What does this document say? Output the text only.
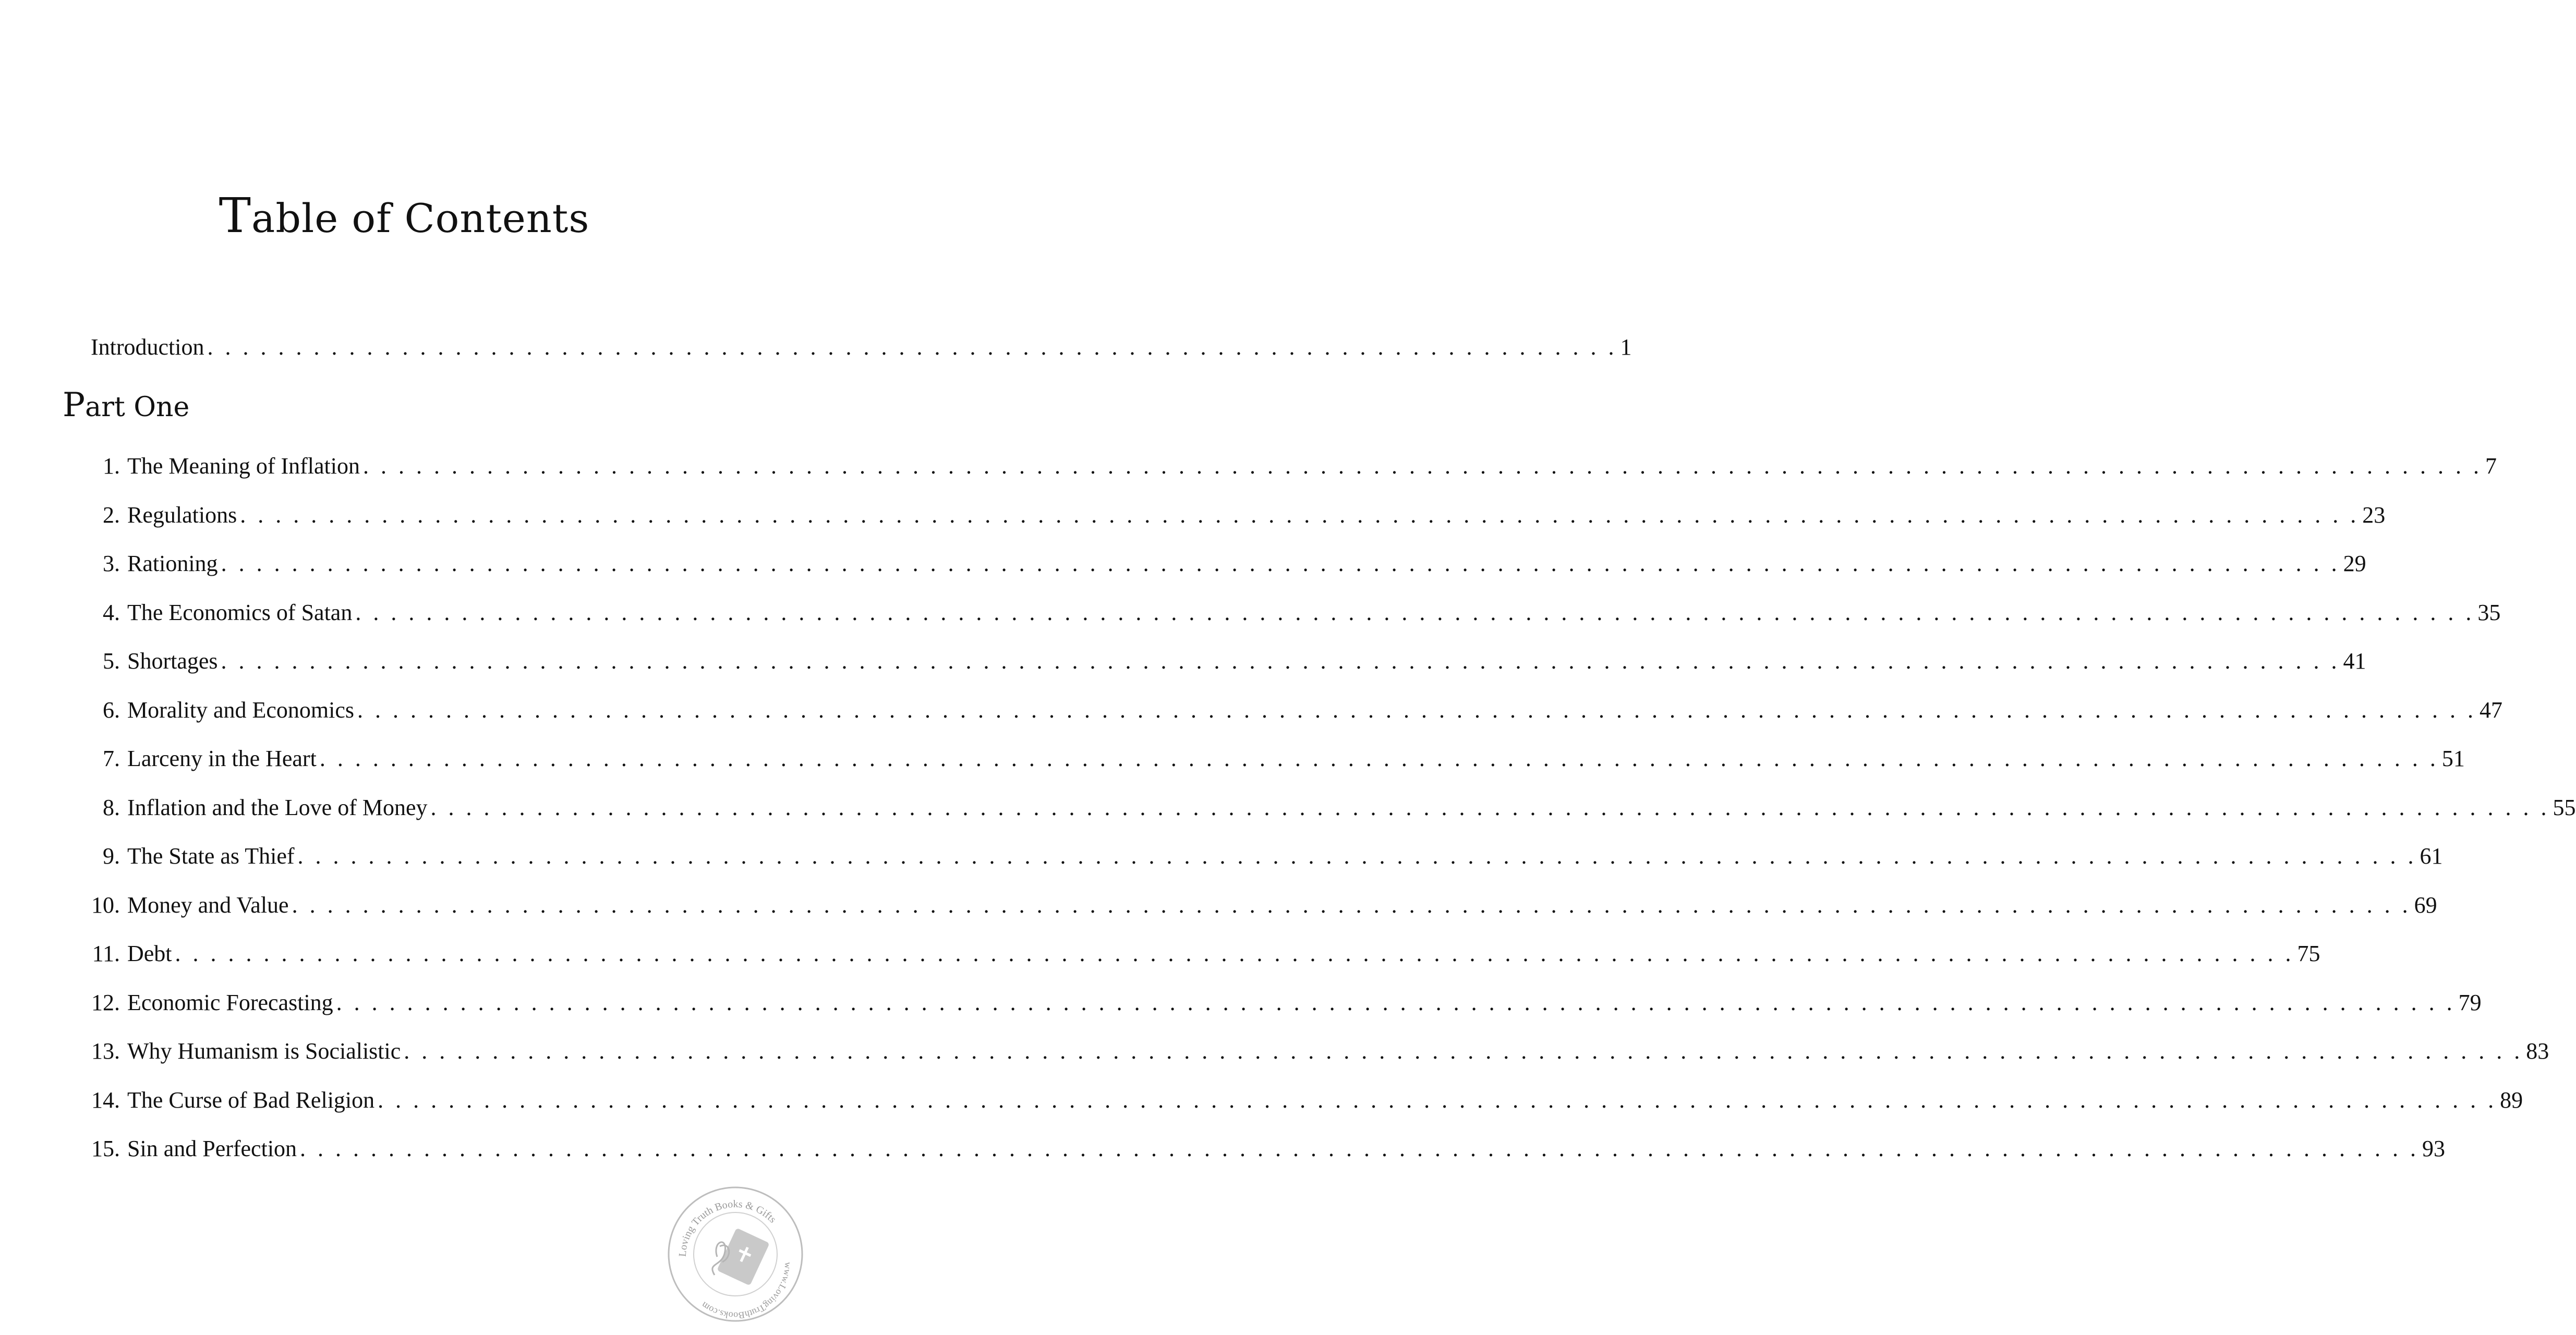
Table of Contents
Introduction . . . . . . . . . . . . . . . . . . . . . . . . . . . . . . . . . . . . . . . . . . . . . . . . . . . . . . . . . . . . . . . . . . . . . . . . . . . . . . . . 1
Part One
1. The Meaning of Inflation . . . . . . . . . . . . . . . . . . . . . . . . . . . . . . . . . . . . . . . . . . . . . . . . . . . . . . . . . . . . . . . . . . . . . . . . . . . . . . . . . . . . . . . . . . . . . . . . . . . . . . . . . . . . . . . . . . . . . . . . 7
2. Regulations . . . . . . . . . . . . . . . . . . . . . . . . . . . . . . . . . . . . . . . . . . . . . . . . . . . . . . . . . . . . . . . . . . . . . . . . . . . . . . . . . . . . . . . . . . . . . . . . . . . . . . . . . . . . . . . . . . . . . . . . 23
3. Rationing . . . . . . . . . . . . . . . . . . . . . . . . . . . . . . . . . . . . . . . . . . . . . . . . . . . . . . . . . . . . . . . . . . . . . . . . . . . . . . . . . . . . . . . . . . . . . . . . . . . . . . . . . . . . . . . . . . . . . . . . 29
4. The Economics of Satan . . . . . . . . . . . . . . . . . . . . . . . . . . . . . . . . . . . . . . . . . . . . . . . . . . . . . . . . . . . . . . . . . . . . . . . . . . . . . . . . . . . . . . . . . . . . . . . . . . . . . . . . . . . . . . . . . . . . . . . . 35
5. Shortages . . . . . . . . . . . . . . . . . . . . . . . . . . . . . . . . . . . . . . . . . . . . . . . . . . . . . . . . . . . . . . . . . . . . . . . . . . . . . . . . . . . . . . . . . . . . . . . . . . . . . . . . . . . . . . . . . . . . . . . . 41
6. Morality and Economics . . . . . . . . . . . . . . . . . . . . . . . . . . . . . . . . . . . . . . . . . . . . . . . . . . . . . . . . . . . . . . . . . . . . . . . . . . . . . . . . . . . . . . . . . . . . . . . . . . . . . . . . . . . . . . . . . . . . . . . . 47
7. Larceny in the Heart . . . . . . . . . . . . . . . . . . . . . . . . . . . . . . . . . . . . . . . . . . . . . . . . . . . . . . . . . . . . . . . . . . . . . . . . . . . . . . . . . . . . . . . . . . . . . . . . . . . . . . . . . . . . . . . . . . . . . . . . 51
8. Inflation and the Love of Money . . . . . . . . . . . . . . . . . . . . . . . . . . . . . . . . . . . . . . . . . . . . . . . . . . . . . . . . . . . . . . . . . . . . . . . . . . . . . . . . . . . . . . . . . . . . . . . . . . . . . . . . . . . . . . . . . . . . . . . . 55
9. The State as Thief . . . . . . . . . . . . . . . . . . . . . . . . . . . . . . . . . . . . . . . . . . . . . . . . . . . . . . . . . . . . . . . . . . . . . . . . . . . . . . . . . . . . . . . . . . . . . . . . . . . . . . . . . . . . . . . . . . . . . . . . 61
10. Money and Value . . . . . . . . . . . . . . . . . . . . . . . . . . . . . . . . . . . . . . . . . . . . . . . . . . . . . . . . . . . . . . . . . . . . . . . . . . . . . . . . . . . . . . . . . . . . . . . . . . . . . . . . . . . . . . . . . . . . . . . . 69
11. Debt . . . . . . . . . . . . . . . . . . . . . . . . . . . . . . . . . . . . . . . . . . . . . . . . . . . . . . . . . . . . . . . . . . . . . . . . . . . . . . . . . . . . . . . . . . . . . . . . . . . . . . . . . . . . . . . . . . . . . . . . 75
12. Economic Forecasting . . . . . . . . . . . . . . . . . . . . . . . . . . . . . . . . . . . . . . . . . . . . . . . . . . . . . . . . . . . . . . . . . . . . . . . . . . . . . . . . . . . . . . . . . . . . . . . . . . . . . . . . . . . . . . . . . . . . . . . . 79
13. Why Humanism is Socialistic . . . . . . . . . . . . . . . . . . . . . . . . . . . . . . . . . . . . . . . . . . . . . . . . . . . . . . . . . . . . . . . . . . . . . . . . . . . . . . . . . . . . . . . . . . . . . . . . . . . . . . . . . . . . . . . . . . . . . . . . 83
14. The Curse of Bad Religion . . . . . . . . . . . . . . . . . . . . . . . . . . . . . . . . . . . . . . . . . . . . . . . . . . . . . . . . . . . . . . . . . . . . . . . . . . . . . . . . . . . . . . . . . . . . . . . . . . . . . . . . . . . . . . . . . . . . . . . . 89
15. Sin and Perfection . . . . . . . . . . . . . . . . . . . . . . . . . . . . . . . . . . . . . . . . . . . . . . . . . . . . . . . . . . . . . . . . . . . . . . . . . . . . . . . . . . . . . . . . . . . . . . . . . . . . . . . . . . . . . . . . . . . . . . . . 93
Loving Truth Books & Gifts
www.LovingTruthBooks.com
